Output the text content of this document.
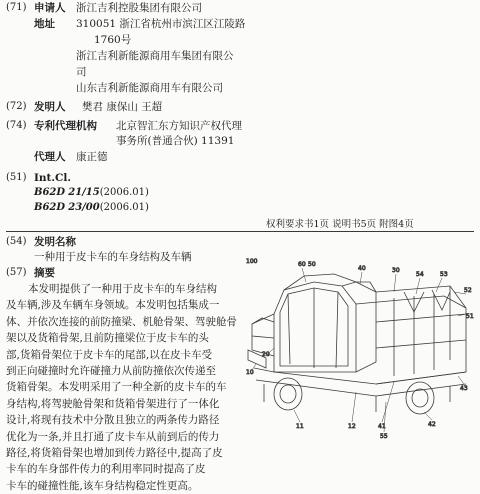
(71) 申请人 浙江吉利控股集团有限公司
地址 310051 浙江省杭州市滨江区江陵路
1760号
浙江吉利新能源商用车集团有限公
司
山东吉利新能源商用车有限公司
(72) 发明人 樊君 康保山 王超
(74) 专利代理机构 北京智汇东方知识产权代理
事务所(普通合伙) 11391
代理人 康正德
(51) Int.Cl.
B62D 21/15(2006.01)
B62D 23/00(2006.01)
权利要求书1页 说明书5页 附图4页
(54) 发明名称
一种用于皮卡车的车身结构及车辆
(57) 摘要
本发明提供了一种用于皮卡车的车身结构
及车辆,涉及车辆车身领域。本发明包括集成一
体、并依次连接的前防撞梁、机舱骨架、驾驶舱骨
架以及货箱骨架,且前防撞梁位于皮卡车的头
部,货箱骨架位于皮卡车的尾部,以在皮卡车受
到正向碰撞时允许碰撞力从前防撞依次传递至
货箱骨架。本发明采用了一种全新的皮卡车的车
身结构,将驾驶舱骨架和货箱骨架进行了一体化
设计,将现有技术中分散且独立的两条传力路径
优化为一条,并且打通了皮卡车从前到后的传力
路径,将货箱骨架也增加到传力路径中,提高了皮
卡车的车身部件传力的利用率同时提高了皮
卡车的碰撞性能,该车身结构稳定性更高。
100	60 50
40	30
20
10
11	12	41	42
43
51
52
53
54
55
